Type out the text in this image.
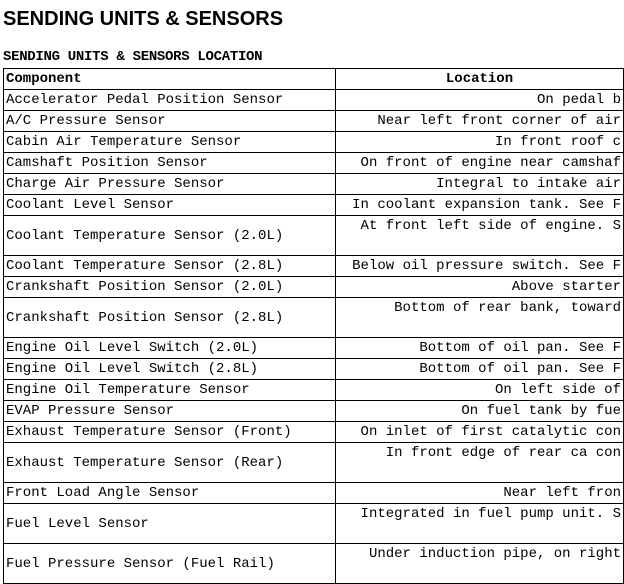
SENDING UNITS & SENSORS
SENDING UNITS & SENSORS LOCATION
Component	Location
Accelerator Pedal Position Sensor	On pedal b
A/C Pressure Sensor	Near left front corner of air
Cabin Air Temperature Sensor	In front roof c
Camshaft Position Sensor	On front of engine near camshaf
Charge Air Pressure Sensor	Integral to intake air
Coolant Level Sensor	In coolant expansion tank. See F
Coolant Temperature Sensor (2.0L)	At front left side of engine. S
Coolant Temperature Sensor (2.8L)	Below oil pressure switch. See F
Crankshaft Position Sensor (2.0L)	Above starter
Crankshaft Position Sensor (2.8L)	Bottom of rear bank, toward
Engine Oil Level Switch (2.0L)	Bottom of oil pan. See F
Engine Oil Level Switch (2.8L)	Bottom of oil pan. See F
Engine Oil Temperature Sensor	On left side of
EVAP Pressure Sensor	On fuel tank by fue
Exhaust Temperature Sensor (Front)	On inlet of first catalytic con
Exhaust Temperature Sensor (Rear)	In front edge of rear ca con
Front Load Angle Sensor	Near left fron
Fuel Level Sensor	Integrated in fuel pump unit. S
Fuel Pressure Sensor (Fuel Rail)	Under induction pipe, on right
